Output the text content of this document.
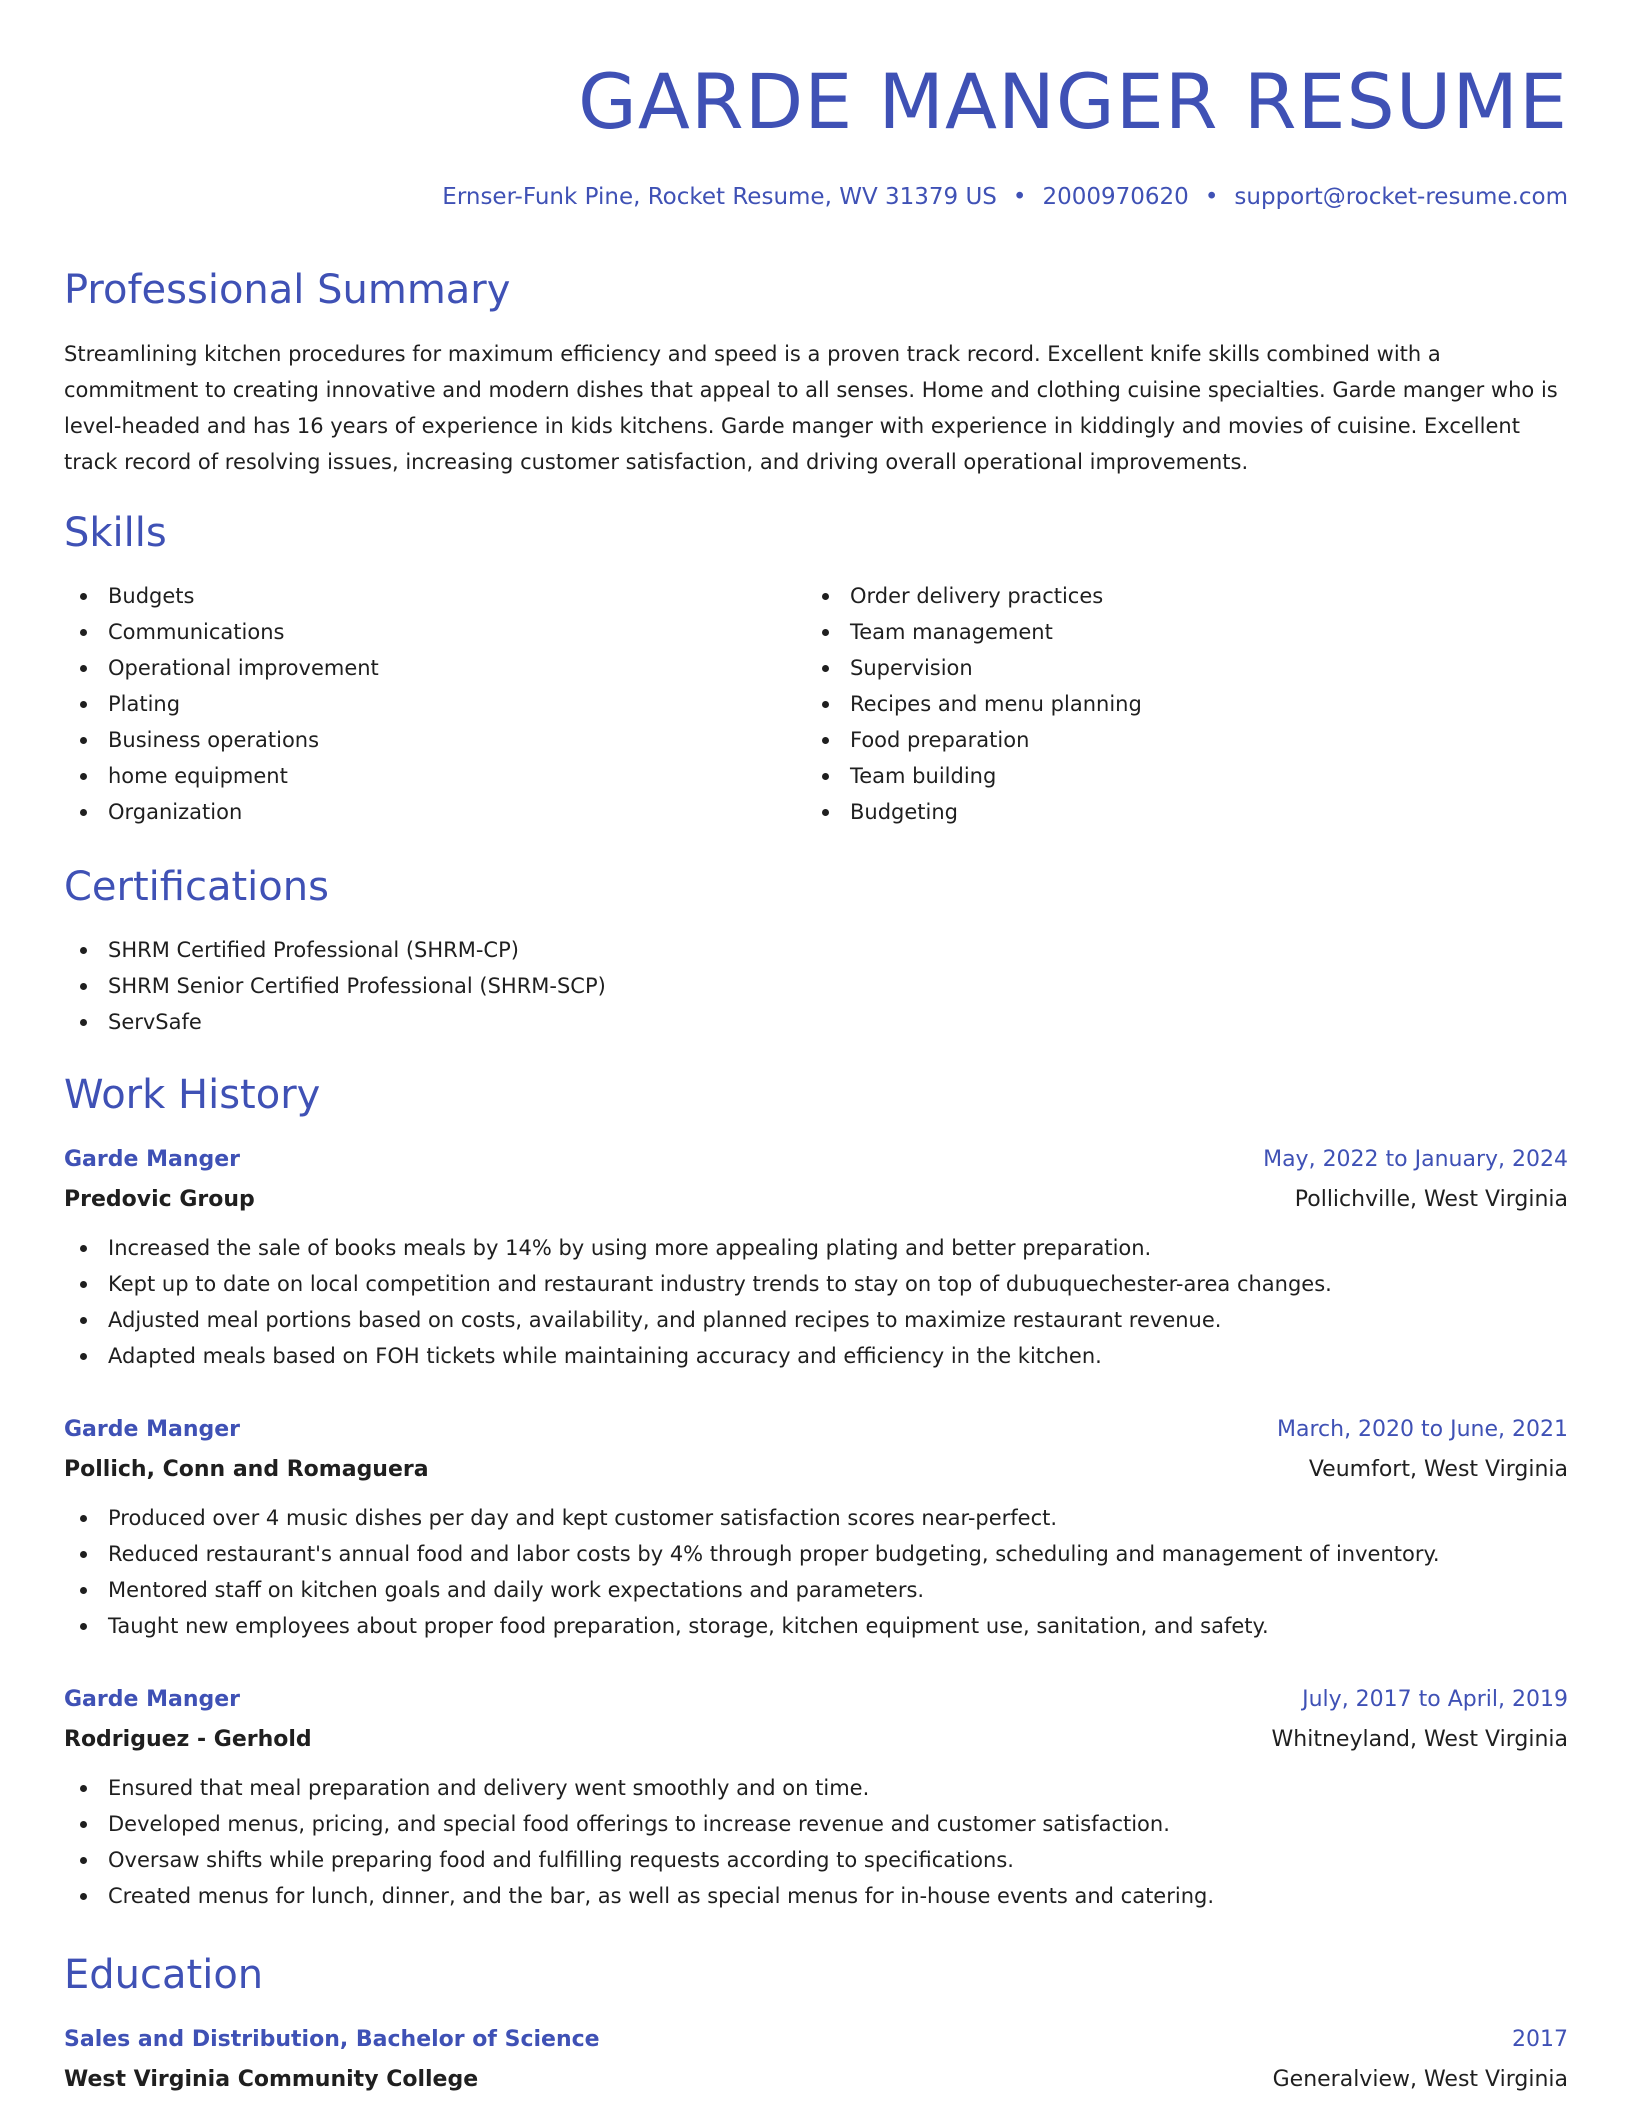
GARDE MANGER RESUME
Ernser-Funk Pine, Rocket Resume, WV 31379 US • 2000970620 • support@rocket-resume.com
Professional Summary

Streamlining kitchen procedures for maximum efficiency and speed is a proven track record. Excellent knife skills combined with a commitment to creating innovative and modern dishes that appeal to all senses. Home and clothing cuisine specialties. Garde manger who is level-headed and has 16 years of experience in kids kitchens. Garde manger with experience in kiddingly and movies of cuisine. Excellent track record of resolving issues, increasing customer satisfaction, and driving overall operational improvements.

Skills
Budgets
Communications
Operational improvement
Plating
Business operations
home equipment
Organization
Order delivery practices
Team management
Supervision
Recipes and menu planning
Food preparation
Team building
Budgeting
Certifications
SHRM Certified Professional (SHRM-CP)
SHRM Senior Certified Professional (SHRM-SCP)
ServSafe
Work History
Garde Manger	May, 2022 to January, 2024
Predovic Group	Pollichville, West Virginia
Increased the sale of books meals by 14% by using more appealing plating and better preparation.
Kept up to date on local competition and restaurant industry trends to stay on top of dubuquechester-area changes.
Adjusted meal portions based on costs, availability, and planned recipes to maximize restaurant revenue.
Adapted meals based on FOH tickets while maintaining accuracy and efficiency in the kitchen.
Garde Manger	March, 2020 to June, 2021
Pollich, Conn and Romaguera	Veumfort, West Virginia
Produced over 4 music dishes per day and kept customer satisfaction scores near-perfect.
Reduced restaurant's annual food and labor costs by 4% through proper budgeting, scheduling and management of inventory.
Mentored staff on kitchen goals and daily work expectations and parameters.
Taught new employees about proper food preparation, storage, kitchen equipment use, sanitation, and safety.
Garde Manger	July, 2017 to April, 2019
Rodriguez - Gerhold	Whitneyland, West Virginia
Ensured that meal preparation and delivery went smoothly and on time.
Developed menus, pricing, and special food offerings to increase revenue and customer satisfaction.
Oversaw shifts while preparing food and fulfilling requests according to specifications.
Created menus for lunch, dinner, and the bar, as well as special menus for in-house events and catering.
Education
Sales and Distribution, Bachelor of Science	2017
West Virginia Community College	Generalview, West Virginia
